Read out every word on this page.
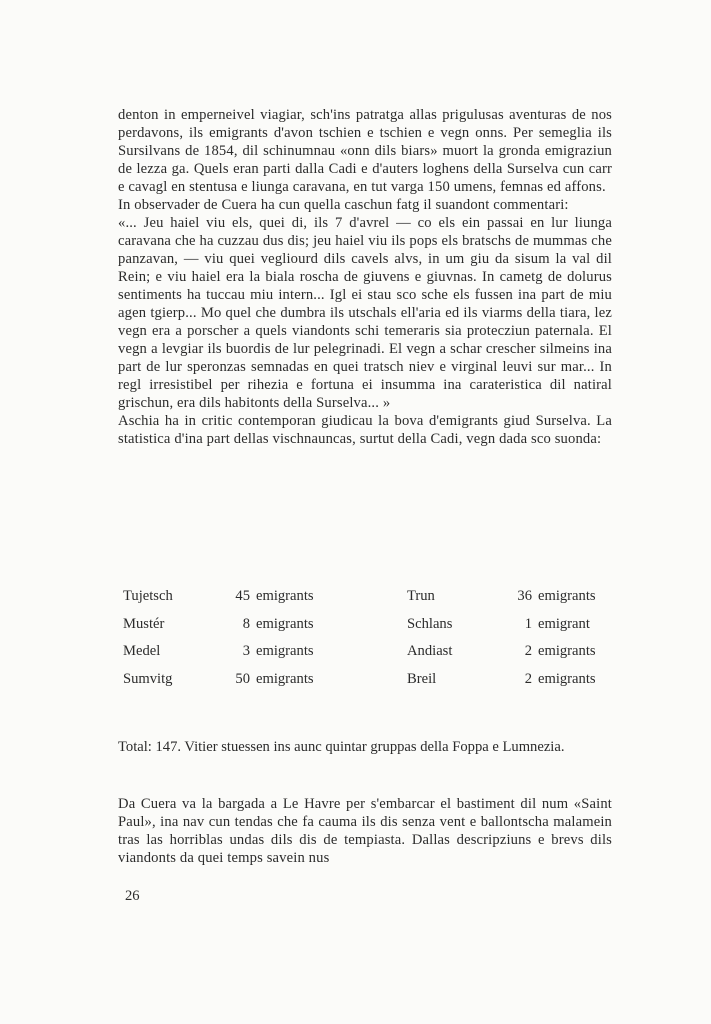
denton in emperneivel viagiar, sch'ins patratga allas prigulusas aventuras de nos perdavons, ils emigrants d'avon tschien e tschien e vegn onns. Per semeglia ils Sursilvans de 1854, dil schinumnau «onn dils biars» muort la gronda emigraziun de lezza ga. Quels eran parti dalla Cadi e d'auters loghens della Surselva cun carr e cavagl en stentusa e liunga caravana, en tut varga 150 umens, femnas ed affons.

In observader de Cuera ha cun quella caschun fatg il suandont commentari:

«... Jeu haiel viu els, quei di, ils 7 d'avrel — co els ein passai en lur liunga caravana che ha cuzzau dus dis; jeu haiel viu ils pops els bratschs de mummas che panzavan, — viu quei vegliourd dils cavels alvs, in um giu da sisum la val dil Rein; e viu haiel era la biala roscha de giuvens e giuvnas. In cametg de dolurus sentiments ha tuccau miu intern... Igl ei stau sco sche els fussen ina part de miu agen tgierp... Mo quel che dumbra ils utschals ell'aria ed ils viarms della tiara, lez vegn era a porscher a quels viandonts schi temeraris sia protecziun paternala. El vegn a levgiar ils buordis de lur pelegrinadi. El vegn a schar crescher silmeins ina part de lur speronzas semnadas en quei tratsch niev e virginal leuvi sur mar... In regl irresistibel per rihezia e fortuna ei insumma ina carateristica dil natiral grischun, era dils habitonts della Surselva... »

Aschia ha in critic contemporan giudicau la bova d'emigrants giud Surselva. La statistica d'ina part dellas vischnauncas, surtut della Cadi, vegn dada sco suonda:

Tujetsch	45 emigrants	Trun	36 emigrants
Mustér	8 emigrants	Schlans	1 emigrant
Medel	3 emigrants	Andiast	2 emigrants
Sumvitg	50 emigrants	Breil	2 emigrants

Total: 147. Vitier stuessen ins aunc quintar gruppas della Foppa e Lumnezia.

Da Cuera va la bargada a Le Havre per s'embarcar el bastiment dil num «Saint Paul», ina nav cun tendas che fa cauma ils dis senza vent e ballontscha malamein tras las horriblas undas dils dis de tempiasta. Dallas descripziuns e brevs dils viandonts da quei temps savein nus

26
